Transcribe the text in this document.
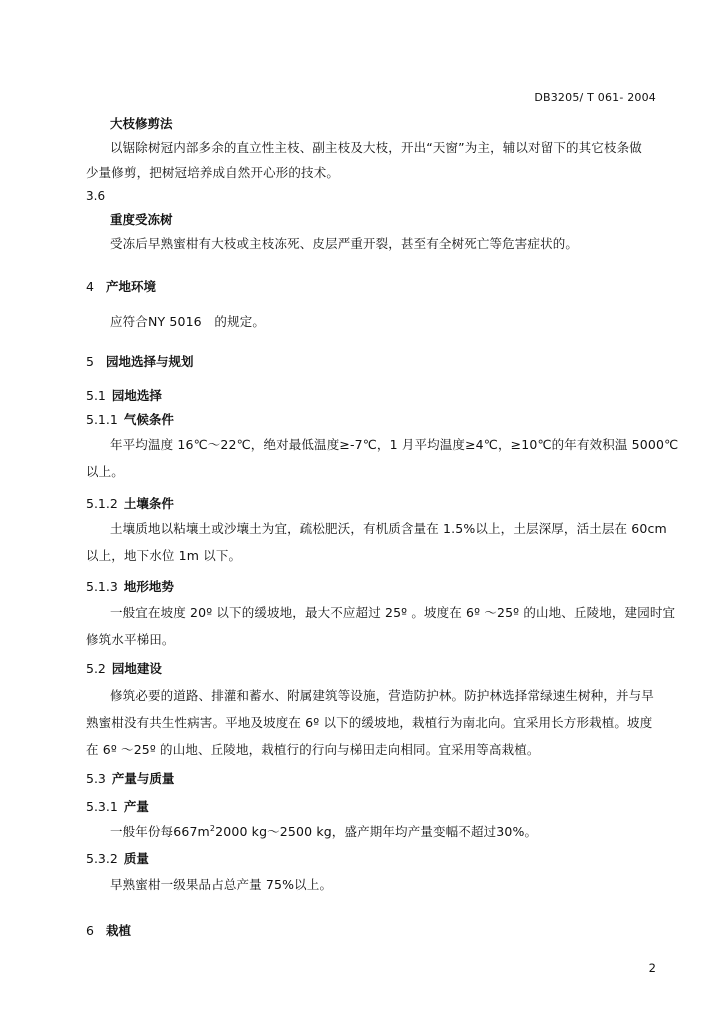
DB3205/ T 061- 2004
大枝修剪法
以锯除树冠内部多余的直立性主枝、副主枝及大枝，开出“天窗”为主，辅以对留下的其它枝条做
少量修剪，把树冠培养成自然开心形的技术。
3.6
重度受冻树
受冻后早熟蜜柑有大枝或主枝冻死、皮层严重开裂，甚至有全树死亡等危害症状的。
4 产地环境
应符合NY 5016　的规定。
5 园地选择与规划
5.1 园地选择
5.1.1 气候条件
年平均温度 16℃～22℃，绝对最低温度≥-7℃，1 月平均温度≥4℃，≥10℃的年有效积温 5000℃
以上。
5.1.2 土壤条件
土壤质地以粘壤土或沙壤土为宜，疏松肥沃，有机质含量在 1.5%以上，土层深厚，活土层在 60cm
以上，地下水位 1m 以下。
5.1.3 地形地势
一般宜在坡度 20º 以下的缓坡地，最大不应超过 25º 。坡度在 6º ～25º 的山地、丘陵地，建园时宜
修筑水平梯田。
5.2 园地建设
修筑必要的道路、排灌和蓄水、附属建筑等设施，营造防护林。防护林选择常绿速生树种，并与早
熟蜜柑没有共生性病害。平地及坡度在 6º 以下的缓坡地，栽植行为南北向。宜采用长方形栽植。坡度
在 6º ～25º 的山地、丘陵地，栽植行的行向与梯田走向相同。宜采用等高栽植。
5.3 产量与质量
5.3.1 产量
一般年份每$667m^22000$ kg～2500 kg，盛产期年均产量变幅不超过30%。
5.3.2 质量
早熟蜜柑一级果品占总产量 75%以上。
6 栽植
2
